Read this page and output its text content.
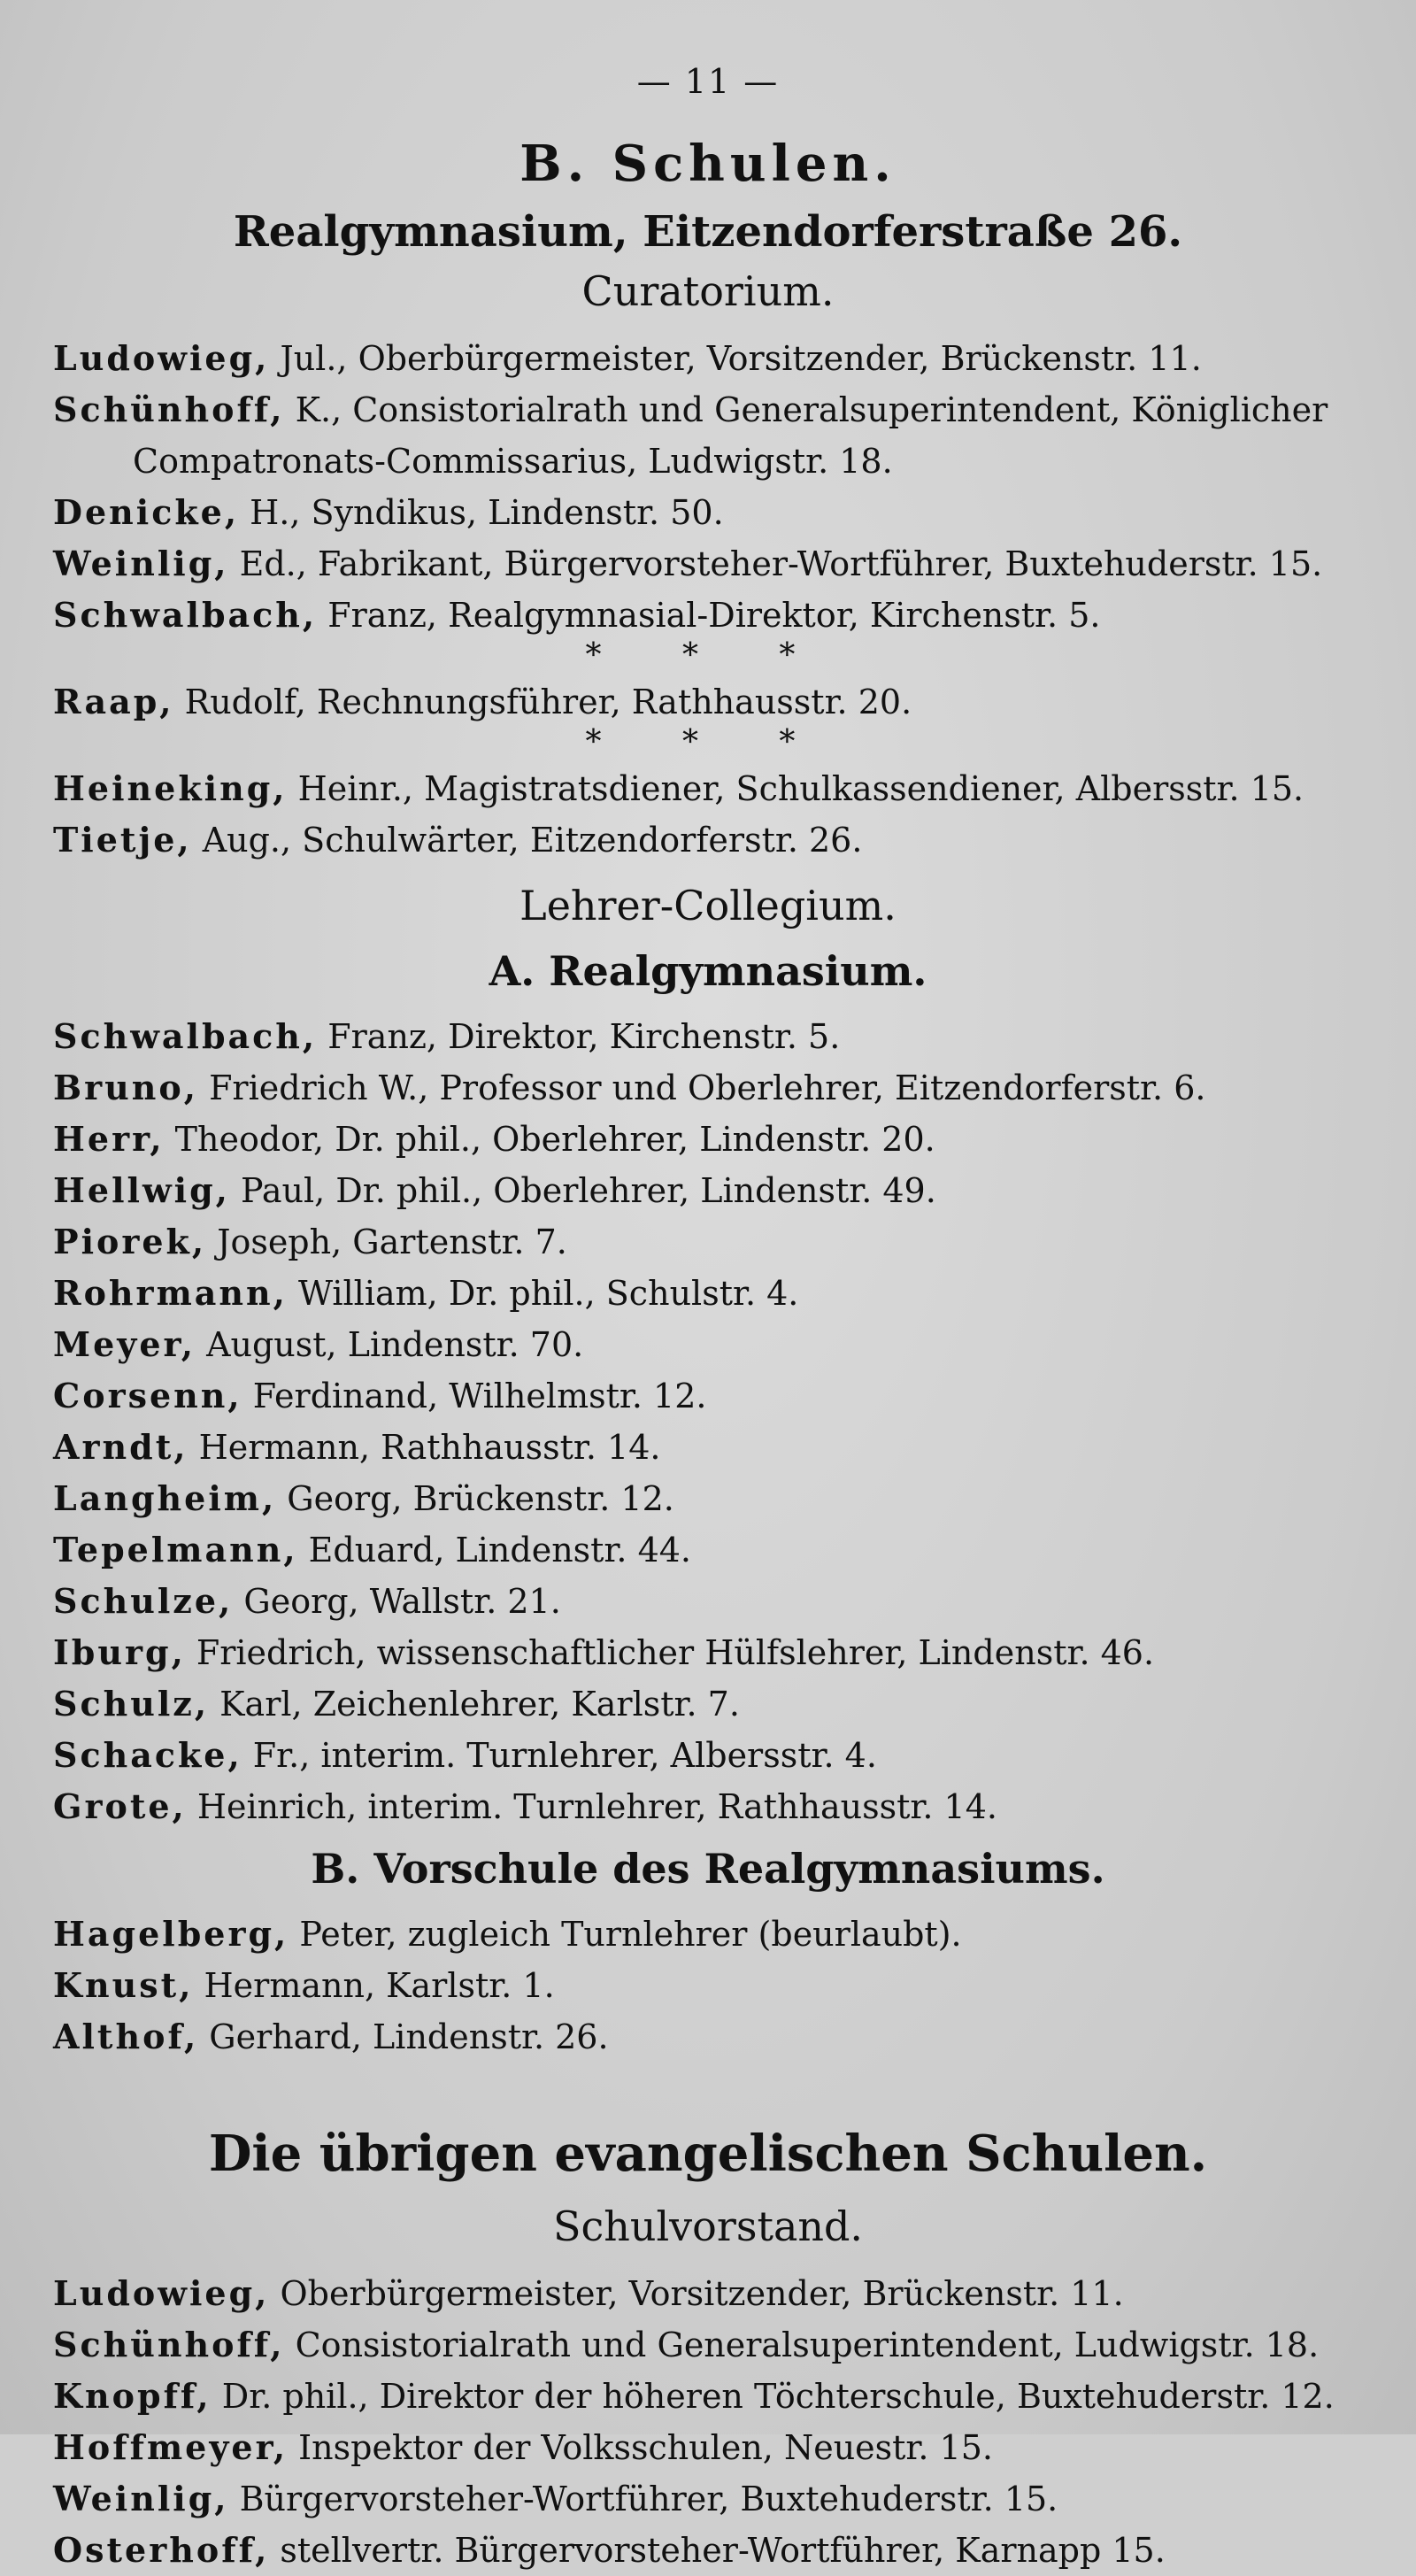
— 11 —
B. Schulen.
Realgymnasium, Eitzendorferstraße 26.
Curatorium.
Ludowieg, Jul., Oberbürgermeister, Vorsitzender, Brückenstr. 11.
Schünhoff, K., Consistorialrath und Generalsuperintendent, Königlicher
Compatronats-Commissarius, Ludwigstr. 18.
Denicke, H., Syndikus, Lindenstr. 50.
Weinlig, Ed., Fabrikant, Bürgervorsteher-Wortführer, Buxtehuderstr. 15.
Schwalbach, Franz, Realgymnasial-Direktor, Kirchenstr. 5.
* * *
Raap, Rudolf, Rechnungsführer, Rathhausstr. 20.
* * *
Heineking, Heinr., Magistratsdiener, Schulkassendiener, Albersstr. 15.
Tietje, Aug., Schulwärter, Eitzendorferstr. 26.
Lehrer-Collegium.
A. Realgymnasium.
Schwalbach, Franz, Direktor, Kirchenstr. 5.
Bruno, Friedrich W., Professor und Oberlehrer, Eitzendorferstr. 6.
Herr, Theodor, Dr. phil., Oberlehrer, Lindenstr. 20.
Hellwig, Paul, Dr. phil., Oberlehrer, Lindenstr. 49.
Piorek, Joseph, Gartenstr. 7.
Rohrmann, William, Dr. phil., Schulstr. 4.
Meyer, August, Lindenstr. 70.
Corsenn, Ferdinand, Wilhelmstr. 12.
Arndt, Hermann, Rathhausstr. 14.
Langheim, Georg, Brückenstr. 12.
Tepelmann, Eduard, Lindenstr. 44.
Schulze, Georg, Wallstr. 21.
Iburg, Friedrich, wissenschaftlicher Hülfslehrer, Lindenstr. 46.
Schulz, Karl, Zeichenlehrer, Karlstr. 7.
Schacke, Fr., interim. Turnlehrer, Albersstr. 4.
Grote, Heinrich, interim. Turnlehrer, Rathhausstr. 14.
B. Vorschule des Realgymnasiums.
Hagelberg, Peter, zugleich Turnlehrer (beurlaubt).
Knust, Hermann, Karlstr. 1.
Althof, Gerhard, Lindenstr. 26.
Die übrigen evangelischen Schulen.
Schulvorstand.
Ludowieg, Oberbürgermeister, Vorsitzender, Brückenstr. 11.
Schünhoff, Consistorialrath und Generalsuperintendent, Ludwigstr. 18.
Knopff, Dr. phil., Direktor der höheren Töchterschule, Buxtehuderstr. 12.
Hoffmeyer, Inspektor der Volksschulen, Neuestr. 15.
Weinlig, Bürgervorsteher-Wortführer, Buxtehuderstr. 15.
Osterhoff, stellvertr. Bürgervorsteher-Wortführer, Karnapp 15.
